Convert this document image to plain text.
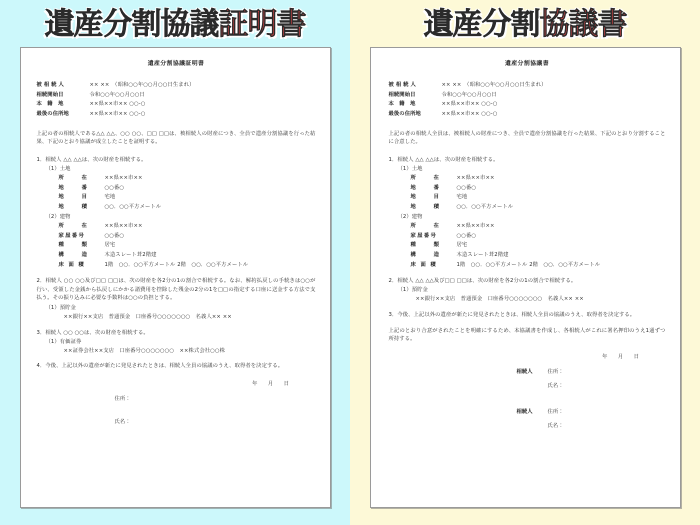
遺産分割協議証明書
遺産分割協議証明書
被 相 続 人	×× ××　（昭和○○年○○月○○日生まれ）
相続開始日	令和○○年○○月○○日
本　籍　地	××県××市×× ○○-○
最後の住所地	××県××市×× ○○-○
上記の者の相続人である△△ △△、○○ ○○、□□ □□は、被相続人の財産につき、全員で遺産分割協議を行った結果、下記のとおり協議が成立したことを証明する。
1．相続人 △△ △△は、次の財産を相続する。
（1）土地
所　　在	××県××市××
地　　番	○○番○
地　　目	宅地
地　　積	○○．○○平方メートル
（2）建物
所　　在	××県××市××
家屋番号	○○番○
種　　類	居宅
構　　造	木造スレート葺2階建
床 面 積	1階　○○．○○平方メートル 2階　○○．○○平方メートル
2．相続人 ○○ ○○及び□□ □□は、次の財産を各2分の1の割合で相続する。なお、解約払戻しの手続きは○○が行い、受領した金銭から払戻しにかかる諸費用を控除した残金の2分の1を□□の指定する口座に送金する方法で支払う。その振り込みに必要な手数料は○○の負担とする。
（1）預貯金
××銀行××支店　普通預金　口座番号○○○○○○○　名義人×× ××
3．相続人 ○○ ○○は、次の財産を相続する。
（1）有価証券
××証券会社××支店　口座番号○○○○○○○　××株式会社○○株
4．今後、上記以外の遺産が新たに発見されたときは、相続人全員の協議のうえ、取得者を決定する。
年 月 日
住所：
氏名：
遺産分割協議書
遺産分割協議書
被 相 続 人	×× ××　（昭和○○年○○月○○日生まれ）
相続開始日	令和○○年○○月○○日
本　籍　地	××県××市×× ○○-○
最後の住所地	××県××市×× ○○-○
上記の者の相続人全員は、被相続人の財産につき、全員で遺産分割協議を行った結果、下記のとおり分割することに合意した。
1．相続人 △△ △△は、次の財産を相続する。
（1）土地
所　　在	××県××市××
地　　番	○○番○
地　　目	宅地
地　　積	○○．○○平方メートル
（2）建物
所　　在	××県××市××
家屋番号	○○番○
種　　類	居宅
構　　造	木造スレート葺2階建
床 面 積	1階　○○．○○平方メートル 2階　○○．○○平方メートル
2．相続人 △△ △△及び□□ □□は、次の財産を各2分の1の割合で相続する。
（1）預貯金
××銀行××支店　普通預金　口座番号○○○○○○○　名義人×× ××
3．今後、上記以外の遺産が新たに発見されたときは、相続人全員の協議のうえ、取得者を決定する。
上記のとおり合意がされたことを明確にするため、本協議書を作成し、各相続人がこれに署名押印のうえ1通ずつ所持する。
年 月 日
相続人	住所：
氏名：
相続人	住所：
氏名：
